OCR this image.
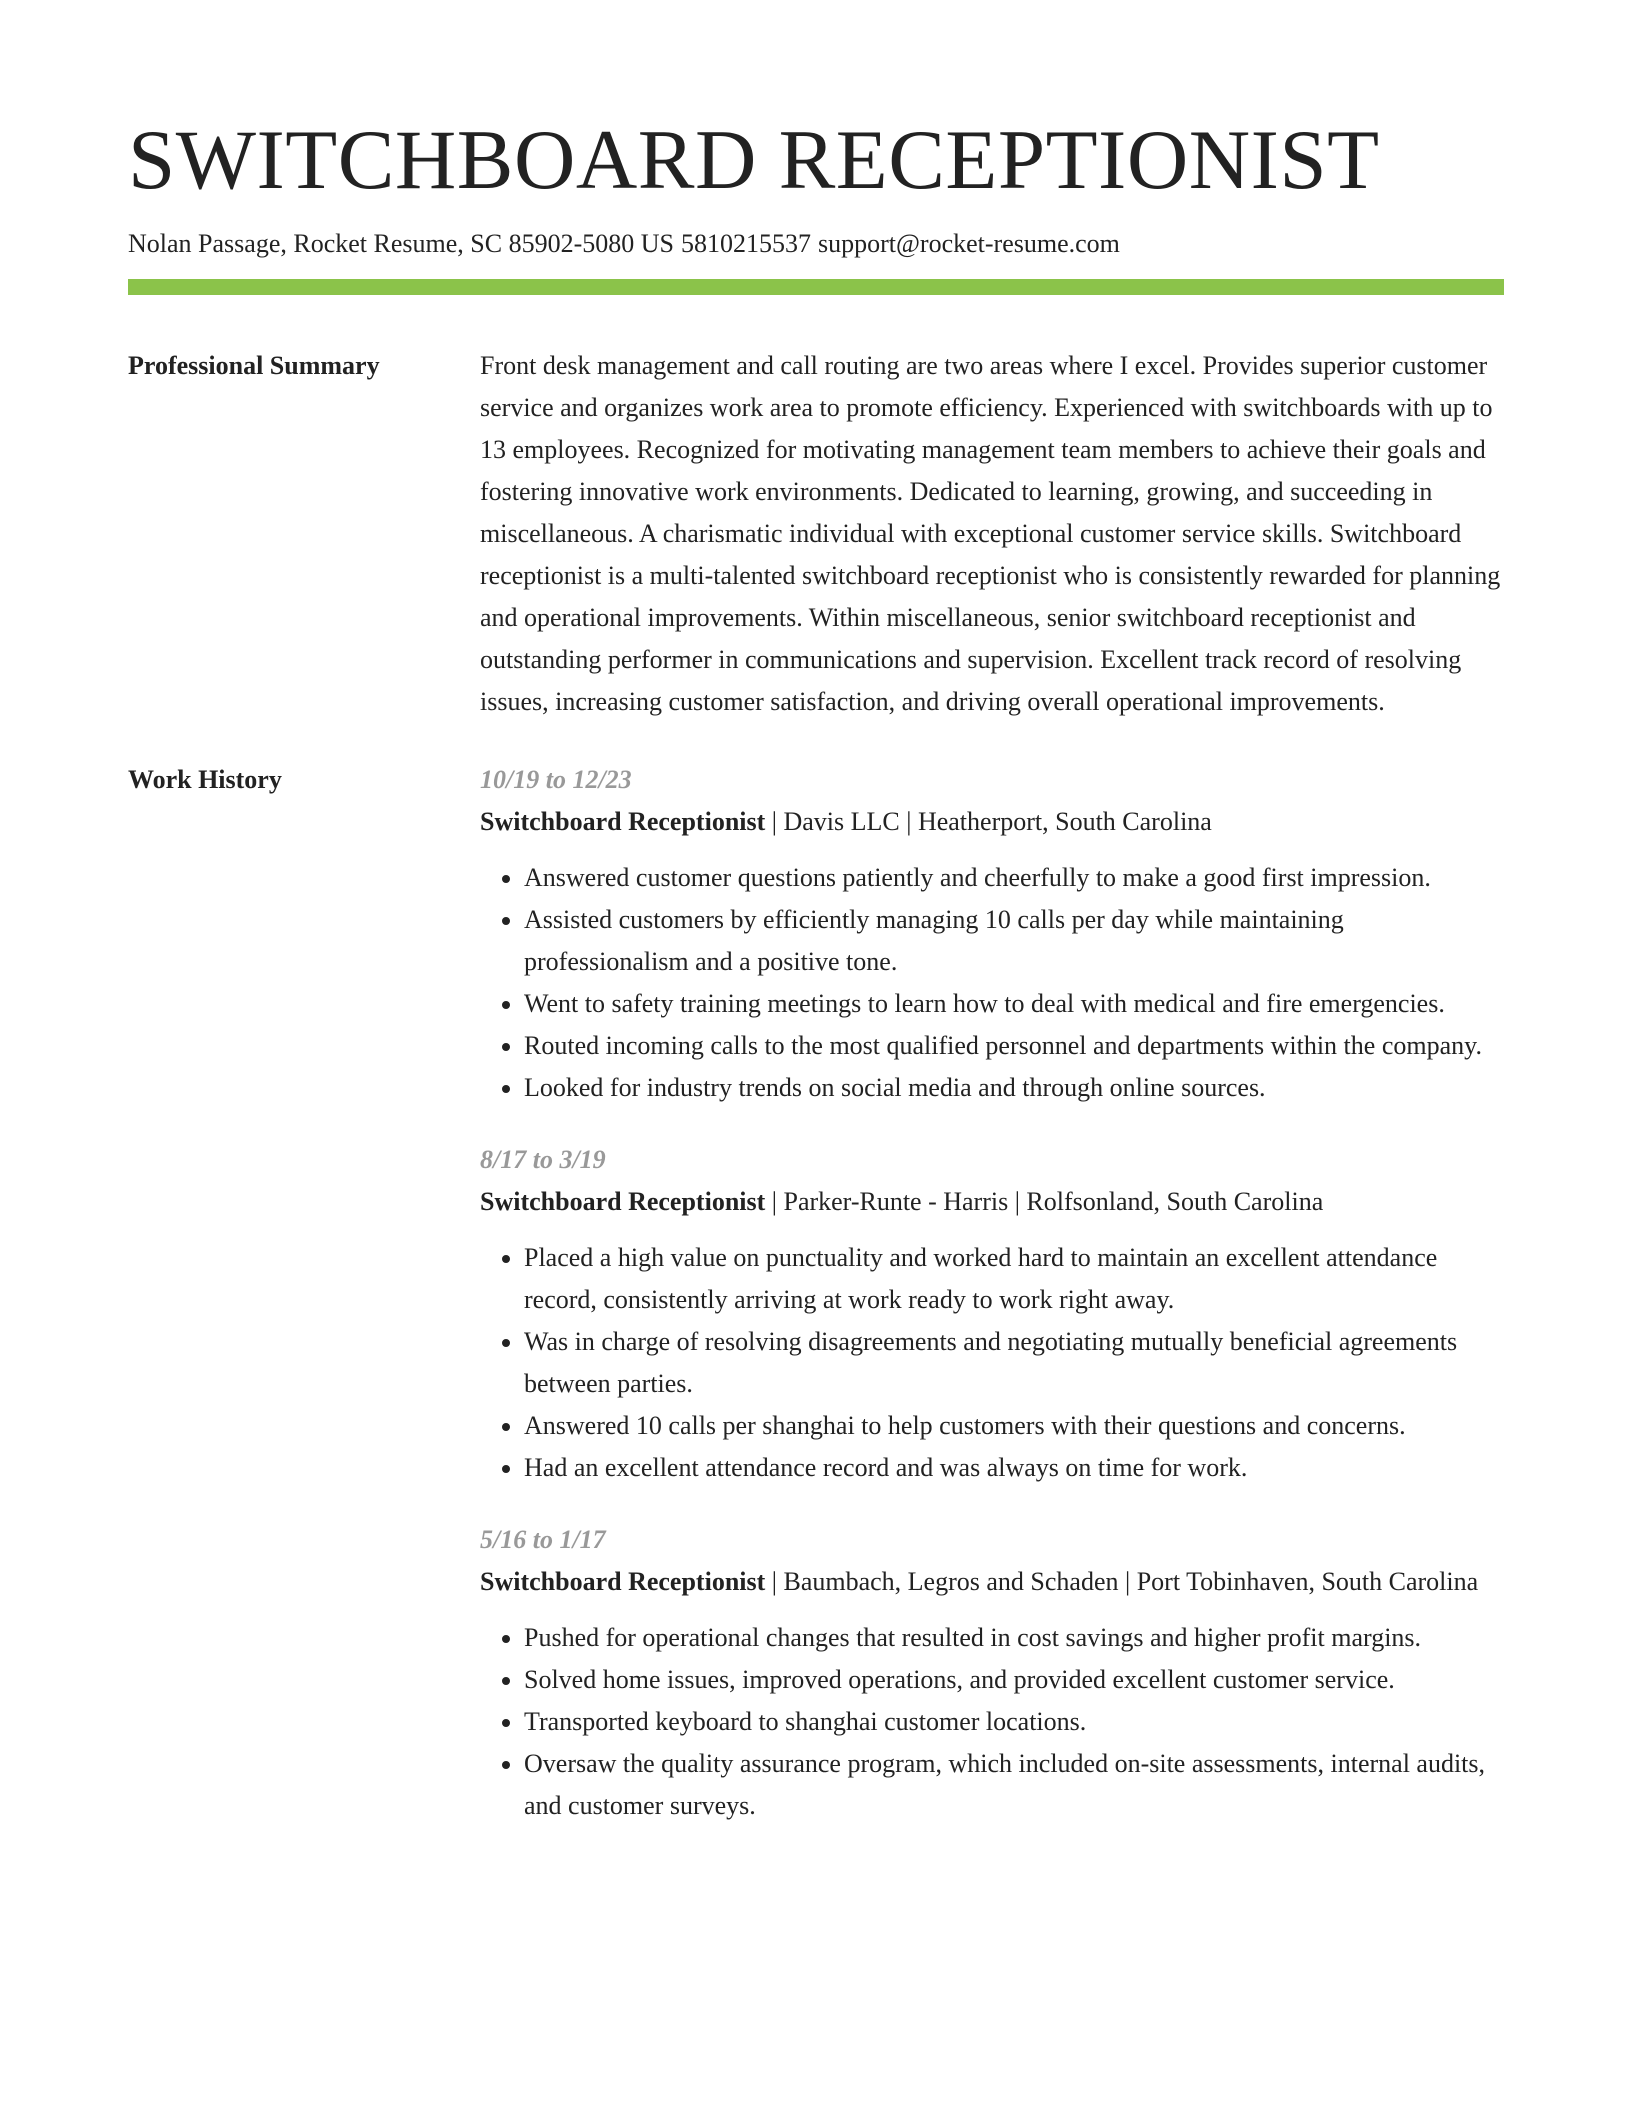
SWITCHBOARD RECEPTIONIST
Nolan Passage, Rocket Resume, SC 85902-5080 US 5810215537 support@rocket-resume.com
Professional Summary	Front desk management and call routing are two areas where I excel. Provides superior customer service and organizes work area to promote efficiency. Experienced with switchboards with up to 13 employees. Recognized for motivating management team members to achieve their goals and fostering innovative work environments. Dedicated to learning, growing, and succeeding in miscellaneous. A charismatic individual with exceptional customer service skills. Switchboard receptionist is a multi-talented switchboard receptionist who is consistently rewarded for planning and operational improvements. Within miscellaneous, senior switchboard receptionist and outstanding performer in communications and supervision. Excellent track record of resolving issues, increasing customer satisfaction, and driving overall operational improvements.

Work History	10/19 to 12/23
Switchboard Receptionist | Davis LLC | Heatherport, South Carolina
• Answered customer questions patiently and cheerfully to make a good first impression.
• Assisted customers by efficiently managing 10 calls per day while maintaining professionalism and a positive tone.
• Went to safety training meetings to learn how to deal with medical and fire emergencies.
• Routed incoming calls to the most qualified personnel and departments within the company.
• Looked for industry trends on social media and through online sources.
8/17 to 3/19
Switchboard Receptionist | Parker-Runte - Harris | Rolfsonland, South Carolina
• Placed a high value on punctuality and worked hard to maintain an excellent attendance record, consistently arriving at work ready to work right away.
• Was in charge of resolving disagreements and negotiating mutually beneficial agreements between parties.
• Answered 10 calls per shanghai to help customers with their questions and concerns.
• Had an excellent attendance record and was always on time for work.
5/16 to 1/17
Switchboard Receptionist | Baumbach, Legros and Schaden | Port Tobinhaven, South Carolina
• Pushed for operational changes that resulted in cost savings and higher profit margins.
• Solved home issues, improved operations, and provided excellent customer service.
• Transported keyboard to shanghai customer locations.
• Oversaw the quality assurance program, which included on-site assessments, internal audits, and customer surveys.
